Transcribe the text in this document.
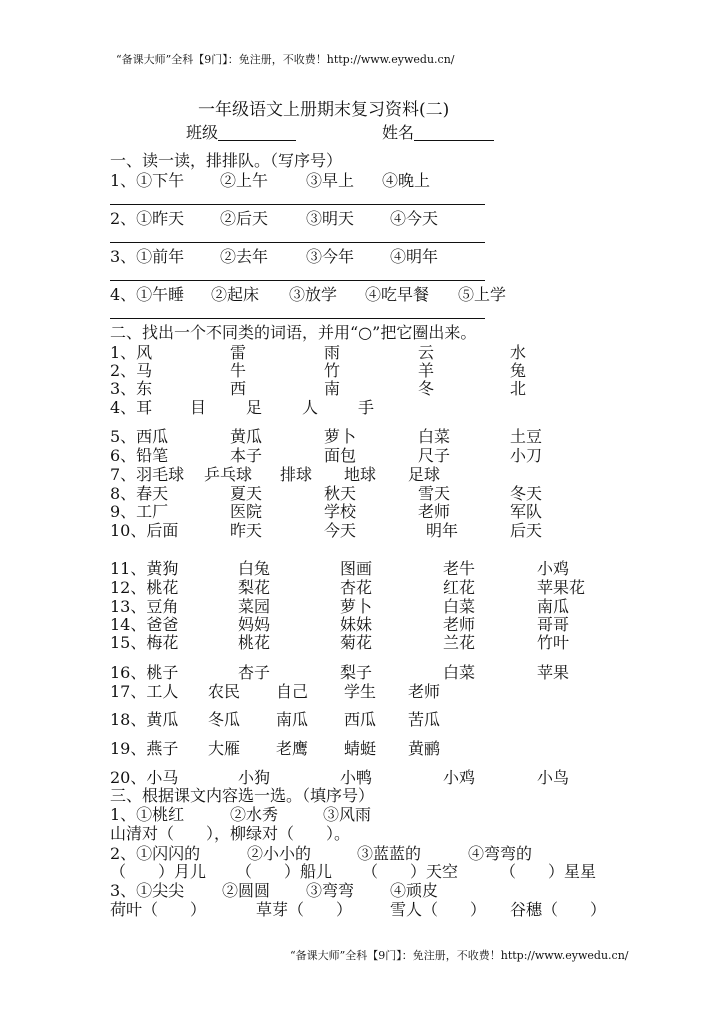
“备课大师”全科【9门】：免注册，不收费！http://www.eywedu.cn/
“备课大师”全科【9门】：免注册，不收费！http://www.eywedu.cn/
一年级语文上册期末复习资料(二)
班级	姓名
一、读一读，排排队。（写序号）
1、①下午 ②上午 ③早上 ④晚上
2、①昨天 ②后天 ③明天 ④今天
3、①前年 ②去年 ③今年 ④明年
4、①午睡 ②起床 ③放学 ④吃早餐 ⑤上学
二、找出一个不同类的词语，并用“○”把它圈出来。
1、风	雷	雨	云	水
2、马	牛	竹	羊	兔
3、东	西	南	冬	北
4、耳 目 足 人 手
5、西瓜	黄瓜	萝卜	白菜	土豆
6、铅笔	本子	面包	尺子	小刀
7、羽毛球 乒乓球 排球 地球 足球
8、春天	夏天	秋天	雪天	冬天
9、工厂	医院	学校	老师	军队
10、后面	昨天	今天	明年	后天
11、黄狗	白兔	图画	老牛	小鸡
12、桃花	梨花	杏花	红花	苹果花
13、豆角	菜园	萝卜	白菜	南瓜
14、爸爸	妈妈	妹妹	老师	哥哥
15、梅花	桃花	菊花	兰花	竹叶
16、桃子	杏子	梨子	白菜	苹果
17、工人 农民 自己 学生 老师
18、黄瓜 冬瓜 南瓜 西瓜 苦瓜
19、燕子 大雁 老鹰 蜻蜓 黄鹂
20、小马	小狗	小鸭	小鸡	小鸟
三、根据课文内容选一选。（填序号）
1、①桃红	②水秀	③风雨
山清对（　　），柳绿对（　　）。
2、①闪闪的	②小小的	③蓝蓝的	④弯弯的
（　　）月儿 （　　）船儿 （　　）天空	（　　）星星
3、①尖尖 ②圆圆 ③弯弯 ④顽皮
荷叶（　　）	草芽（　　） 雪人（　　） 谷穗（　　）
